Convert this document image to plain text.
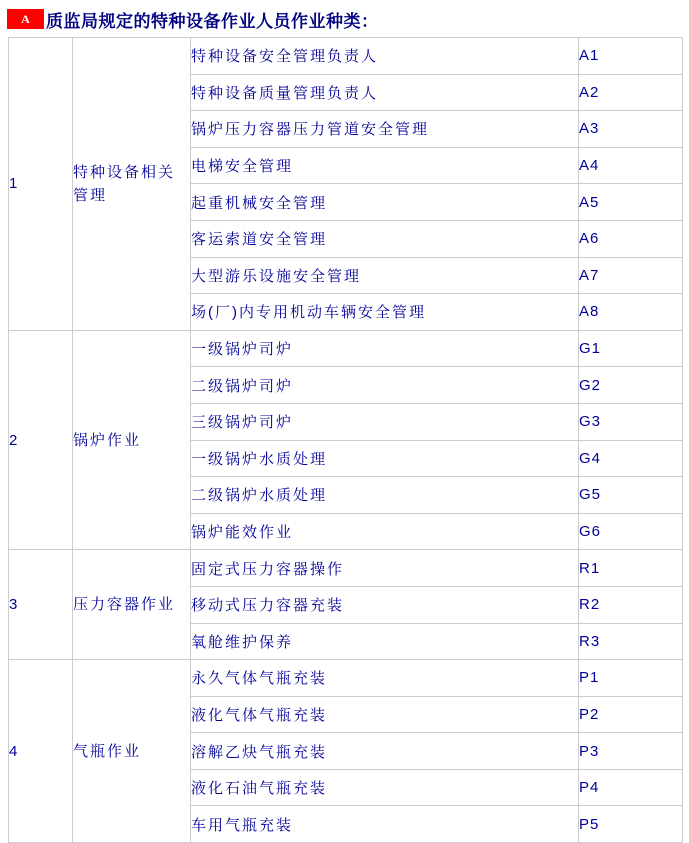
A 质监局规定的特种设备作业人员作业种类：
1	特种设备相关管理	特种设备安全管理负责人	A1
		特种设备质量管理负责人	A2
		锅炉压力容器压力管道安全管理	A3
		电梯安全管理	A4
		起重机械安全管理	A5
		客运索道安全管理	A6
		大型游乐设施安全管理	A7
		场(厂)内专用机动车辆安全管理	A8
2	锅炉作业	一级锅炉司炉	G1
		二级锅炉司炉	G2
		三级锅炉司炉	G3
		一级锅炉水质处理	G4
		二级锅炉水质处理	G5
		锅炉能效作业	G6
3	压力容器作业	固定式压力容器操作	R1
		移动式压力容器充装	R2
		氧舱维护保养	R3
4	气瓶作业	永久气体气瓶充装	P1
		液化气体气瓶充装	P2
		溶解乙炔气瓶充装	P3
		液化石油气瓶充装	P4
		车用气瓶充装	P5
